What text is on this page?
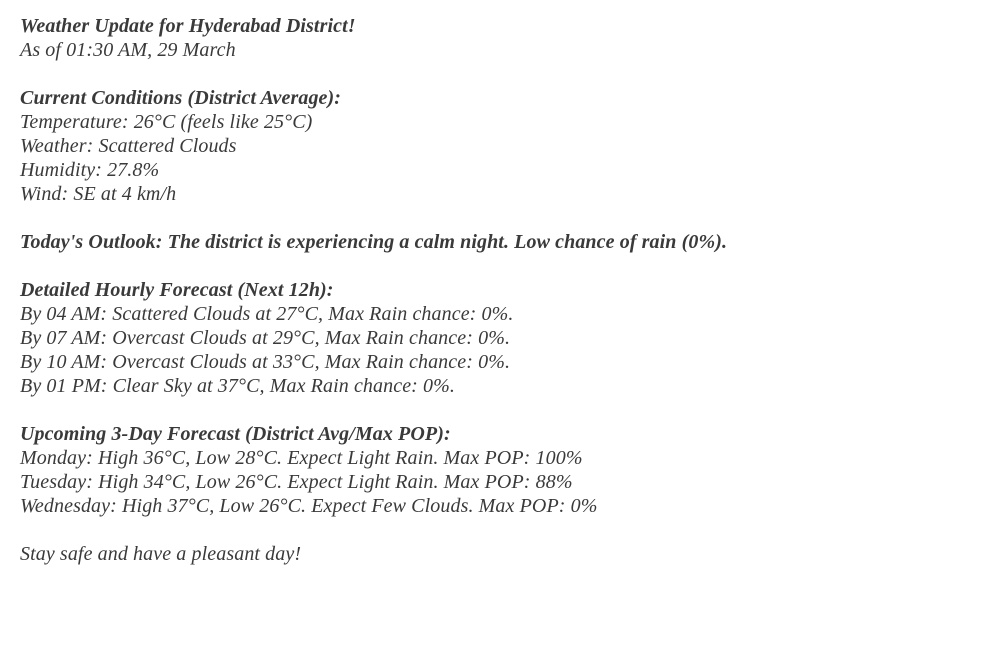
Weather Update for Hyderabad District!
As of 01:30 AM, 29 March

Current Conditions (District Average):
Temperature: 26°C (feels like 25°C)
Weather: Scattered Clouds
Humidity: 27.8%
Wind: SE at 4 km/h

Today's Outlook: The district is experiencing a calm night. Low chance of rain (0%).

Detailed Hourly Forecast (Next 12h):
By 04 AM: Scattered Clouds at 27°C, Max Rain chance: 0%.
By 07 AM: Overcast Clouds at 29°C, Max Rain chance: 0%.
By 10 AM: Overcast Clouds at 33°C, Max Rain chance: 0%.
By 01 PM: Clear Sky at 37°C, Max Rain chance: 0%.

Upcoming 3-Day Forecast (District Avg/Max POP):
Monday: High 36°C, Low 28°C. Expect Light Rain. Max POP: 100%
Tuesday: High 34°C, Low 26°C. Expect Light Rain. Max POP: 88%
Wednesday: High 37°C, Low 26°C. Expect Few Clouds. Max POP: 0%

Stay safe and have a pleasant day!
